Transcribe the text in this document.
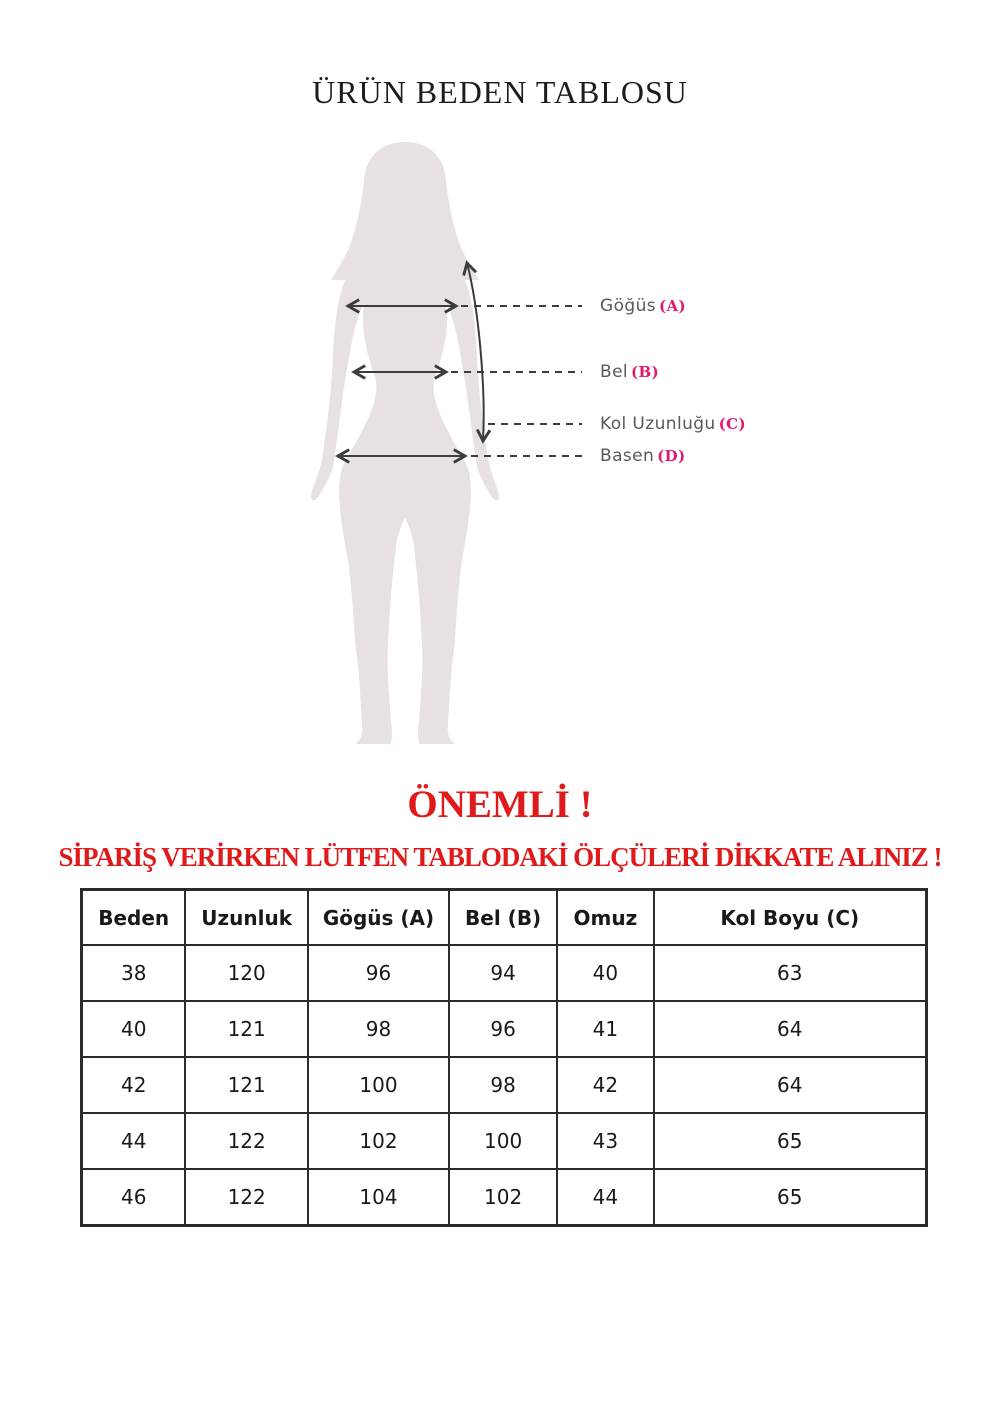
ÜRÜN BEDEN TABLOSU
Göğüs (A)
Bel (B)
Kol Uzunluğu (C)
Basen (D)
ÖNEMLİ !
SİPARİŞ VERİRKEN LÜTFEN TABLODAKİ ÖLÇÜLERİ DİKKATE ALINIZ !
Beden	Uzunluk	Gögüs (A)	Bel (B)	Omuz	Kol Boyu (C)
38	120	96	94	40	63
40	121	98	96	41	64
42	121	100	98	42	64
44	122	102	100	43	65
46	122	104	102	44	65
